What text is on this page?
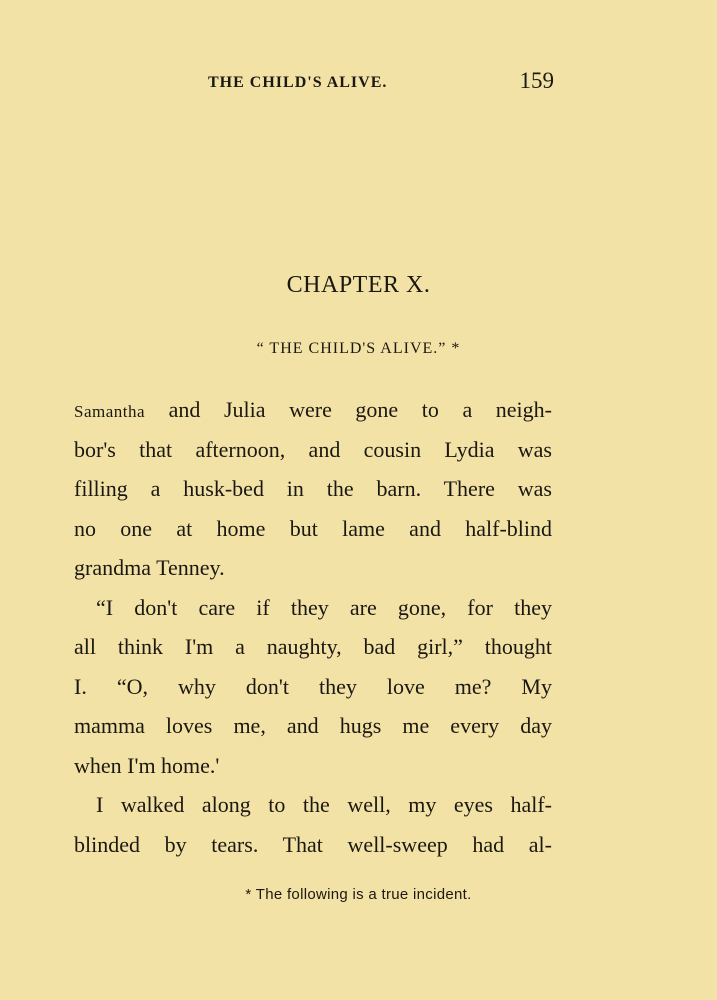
THE CHILD'S ALIVE.	159
CHAPTER X.
“ THE CHILD'S ALIVE.” *
Samantha and Julia were gone to a neigh-
bor's that afternoon, and cousin Lydia was
filling a husk-bed in the barn. There was
no one at home but lame and half-blind
grandma Tenney.
“I don't care if they are gone, for they
all think I'm a naughty, bad girl,” thought
I. “O, why don't they love me? My
mamma loves me, and hugs me every day
when I'm home.'
I walked along to the well, my eyes half-
blinded by tears. That well-sweep had al-
* The following is a true incident.
